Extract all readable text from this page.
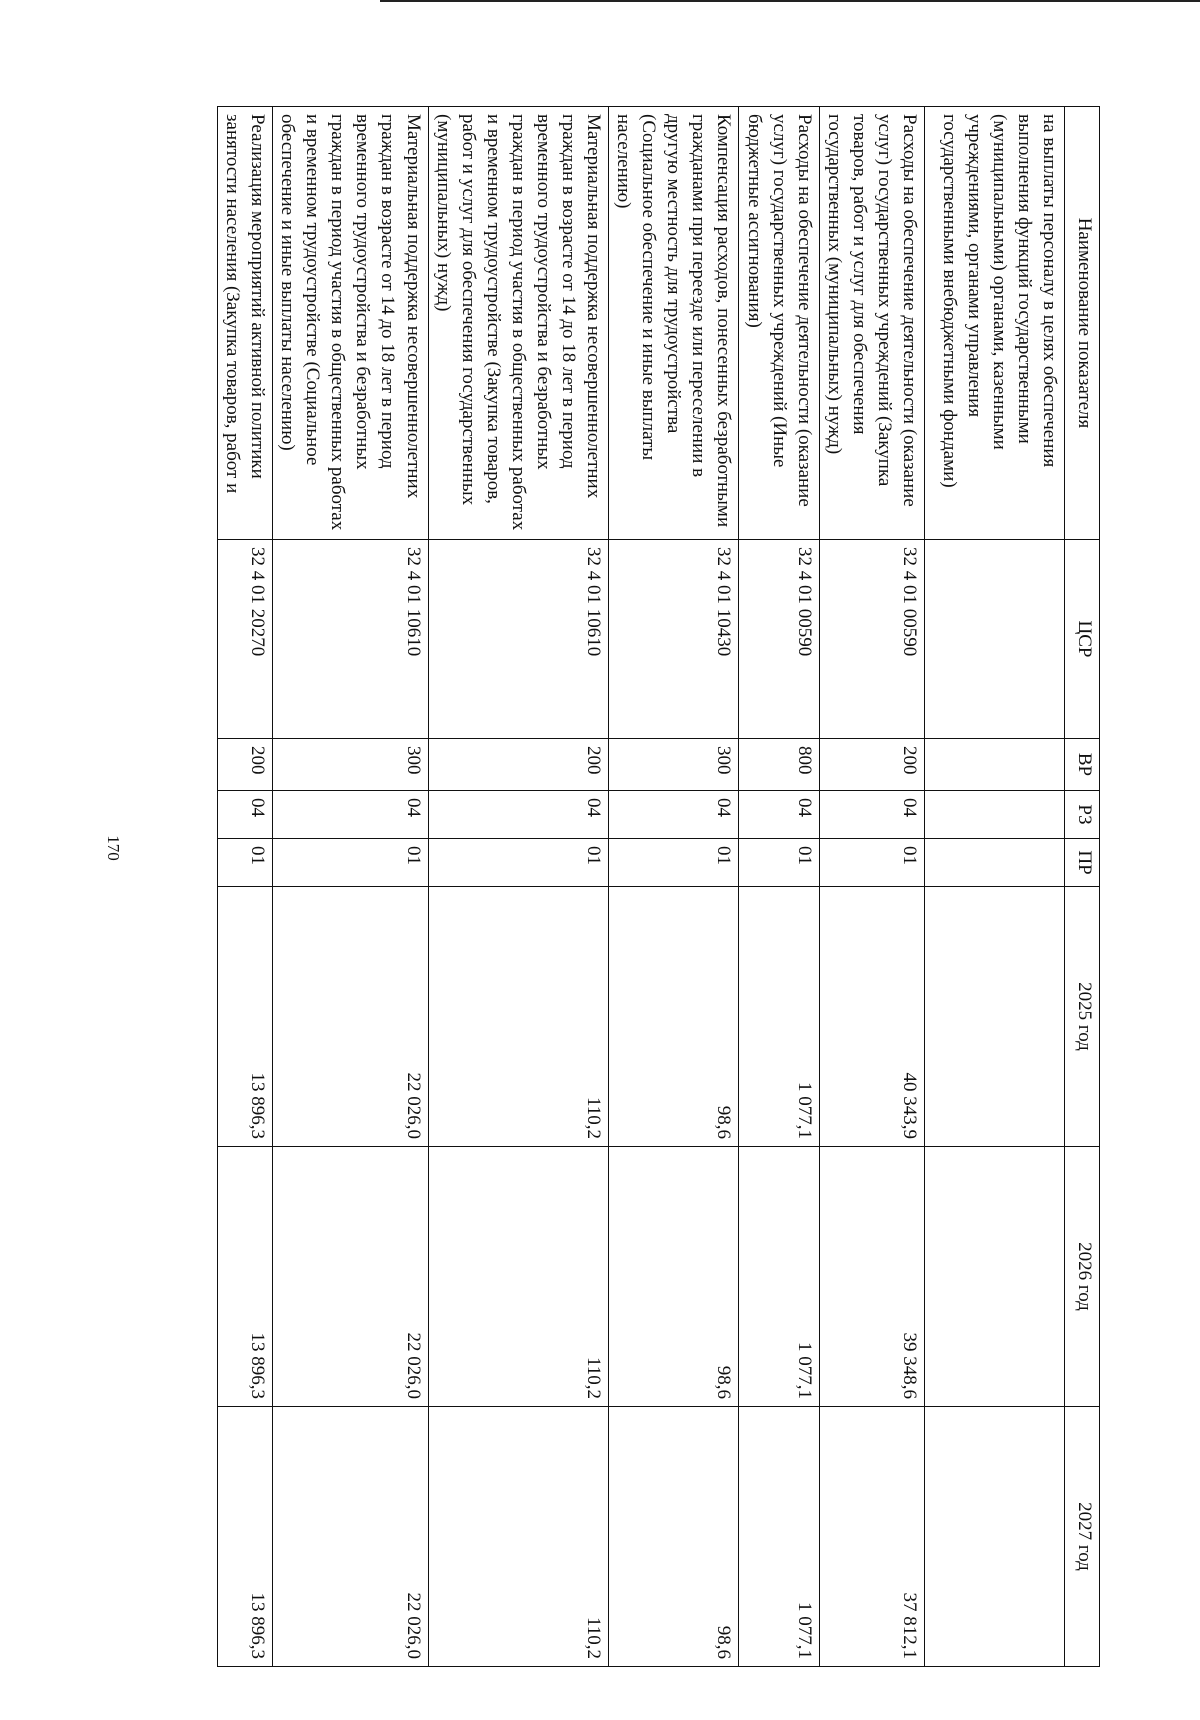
170
Наименование показателя	ЦСР	ВР	РЗ	ПР	2025 год	2026 год	2027 год
на выплаты персоналу в целях обеспечения выполнения функций государственными (муниципальными) органами, казенными учреждениями, органами управления государственными внебюджетными фондами)							
Расходы на обеспечение деятельности (оказание услуг) государственных учреждений (Закупка товаров, работ и услуг для обеспечения государственных (муниципальных) нужд)	32 4 01 00590	200	04	01	40 343,9	39 348,6	37 812,1
Расходы на обеспечение деятельности (оказание услуг) государственных учреждений (Иные бюджетные ассигнования)	32 4 01 00590	800	04	01	1 077,1	1 077,1	1 077,1
Компенсация расходов, понесенных безработными гражданами при переезде или переселении в другую местность для трудоустройства (Социальное обеспечение и иные выплаты населению)	32 4 01 10430	300	04	01	98,6	98,6	98,6
Материальная поддержка несовершеннолетних граждан в возрасте от 14 до 18 лет в период временного трудоустройства и безработных граждан в период участия в общественных работах и временном трудоустройстве (Закупка товаров, работ и услуг для обеспечения государственных (муниципальных) нужд)	32 4 01 10610	200	04	01	110,2	110,2	110,2
Материальная поддержка несовершеннолетних граждан в возрасте от 14 до 18 лет в период временного трудоустройства и безработных граждан в период участия в общественных работах и временном трудоустройстве (Социальное обеспечение и иные выплаты населению)	32 4 01 10610	300	04	01	22 026,0	22 026,0	22 026,0
Реализация мероприятий активной политики занятости населения (Закупка товаров, работ и	32 4 01 20270	200	04	01	13 896,3	13 896,3	13 896,3
